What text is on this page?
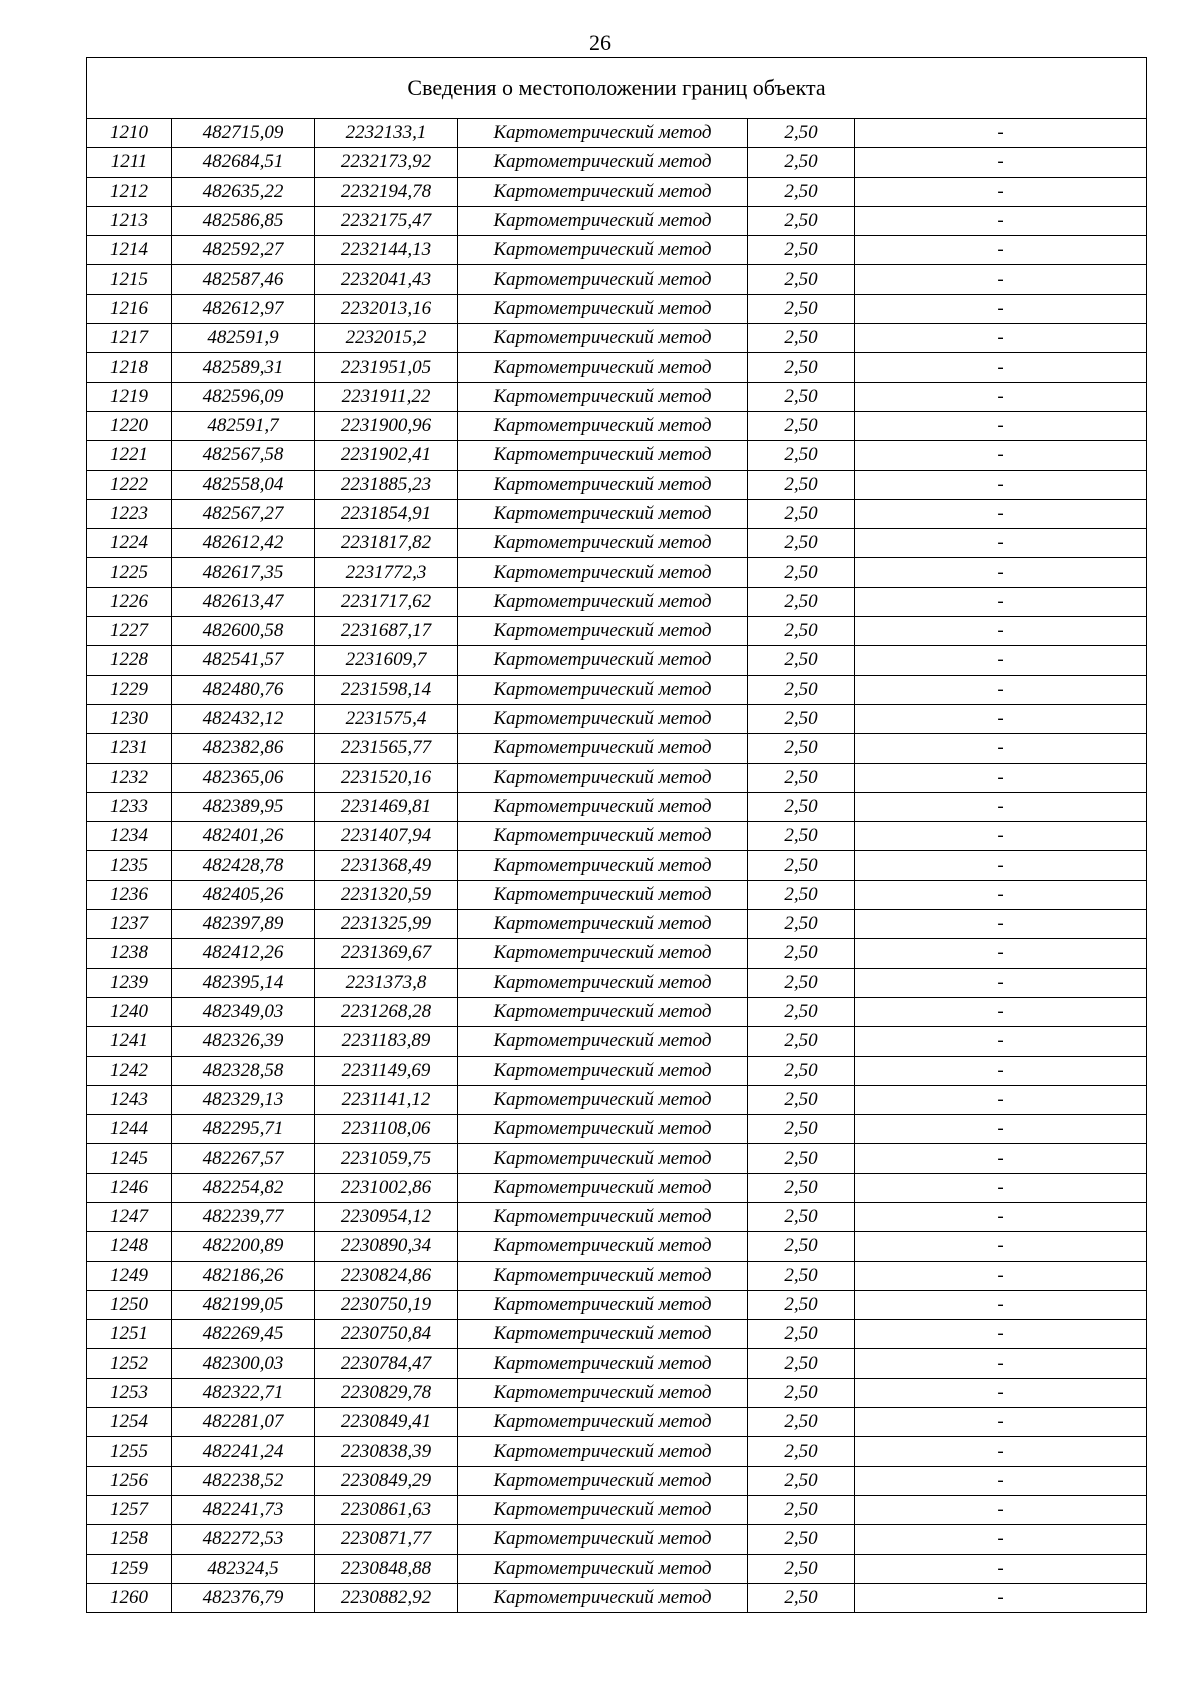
26
Сведения о местоположении границ объекта					
1210	482715,09	2232133,1	Картометрический метод	2,50	-
1211	482684,51	2232173,92	Картометрический метод	2,50	-
1212	482635,22	2232194,78	Картометрический метод	2,50	-
1213	482586,85	2232175,47	Картометрический метод	2,50	-
1214	482592,27	2232144,13	Картометрический метод	2,50	-
1215	482587,46	2232041,43	Картометрический метод	2,50	-
1216	482612,97	2232013,16	Картометрический метод	2,50	-
1217	482591,9	2232015,2	Картометрический метод	2,50	-
1218	482589,31	2231951,05	Картометрический метод	2,50	-
1219	482596,09	2231911,22	Картометрический метод	2,50	-
1220	482591,7	2231900,96	Картометрический метод	2,50	-
1221	482567,58	2231902,41	Картометрический метод	2,50	-
1222	482558,04	2231885,23	Картометрический метод	2,50	-
1223	482567,27	2231854,91	Картометрический метод	2,50	-
1224	482612,42	2231817,82	Картометрический метод	2,50	-
1225	482617,35	2231772,3	Картометрический метод	2,50	-
1226	482613,47	2231717,62	Картометрический метод	2,50	-
1227	482600,58	2231687,17	Картометрический метод	2,50	-
1228	482541,57	2231609,7	Картометрический метод	2,50	-
1229	482480,76	2231598,14	Картометрический метод	2,50	-
1230	482432,12	2231575,4	Картометрический метод	2,50	-
1231	482382,86	2231565,77	Картометрический метод	2,50	-
1232	482365,06	2231520,16	Картометрический метод	2,50	-
1233	482389,95	2231469,81	Картометрический метод	2,50	-
1234	482401,26	2231407,94	Картометрический метод	2,50	-
1235	482428,78	2231368,49	Картометрический метод	2,50	-
1236	482405,26	2231320,59	Картометрический метод	2,50	-
1237	482397,89	2231325,99	Картометрический метод	2,50	-
1238	482412,26	2231369,67	Картометрический метод	2,50	-
1239	482395,14	2231373,8	Картометрический метод	2,50	-
1240	482349,03	2231268,28	Картометрический метод	2,50	-
1241	482326,39	2231183,89	Картометрический метод	2,50	-
1242	482328,58	2231149,69	Картометрический метод	2,50	-
1243	482329,13	2231141,12	Картометрический метод	2,50	-
1244	482295,71	2231108,06	Картометрический метод	2,50	-
1245	482267,57	2231059,75	Картометрический метод	2,50	-
1246	482254,82	2231002,86	Картометрический метод	2,50	-
1247	482239,77	2230954,12	Картометрический метод	2,50	-
1248	482200,89	2230890,34	Картометрический метод	2,50	-
1249	482186,26	2230824,86	Картометрический метод	2,50	-
1250	482199,05	2230750,19	Картометрический метод	2,50	-
1251	482269,45	2230750,84	Картометрический метод	2,50	-
1252	482300,03	2230784,47	Картометрический метод	2,50	-
1253	482322,71	2230829,78	Картометрический метод	2,50	-
1254	482281,07	2230849,41	Картометрический метод	2,50	-
1255	482241,24	2230838,39	Картометрический метод	2,50	-
1256	482238,52	2230849,29	Картометрический метод	2,50	-
1257	482241,73	2230861,63	Картометрический метод	2,50	-
1258	482272,53	2230871,77	Картометрический метод	2,50	-
1259	482324,5	2230848,88	Картометрический метод	2,50	-
1260	482376,79	2230882,92	Картометрический метод	2,50	-
